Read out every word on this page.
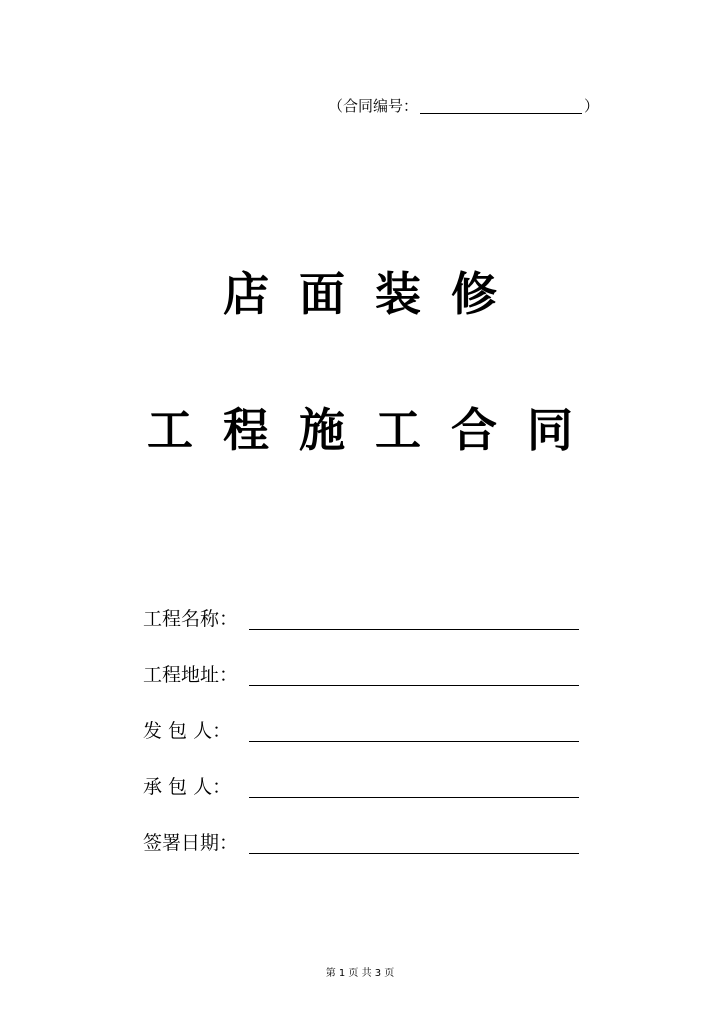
（合同编号：	）
店面装修
工程施工合同
工程名称：
工程地址：
发 包 人：
承 包 人：
签署日期：
第 1 页 共 3 页
